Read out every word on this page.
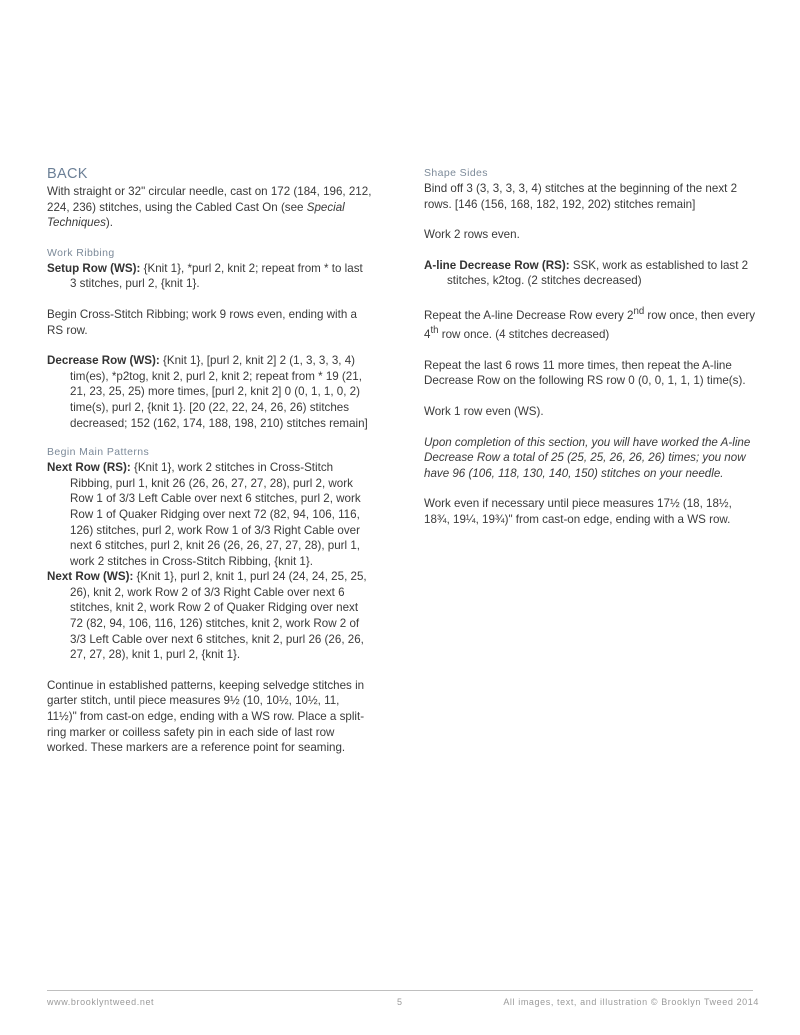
BACK

With straight or 32" circular needle, cast on 172 (184, 196, 212, 224, 236) stitches, using the Cabled Cast On (see Special Techniques).

Work Ribbing

Setup Row (WS): {Knit 1}, *purl 2, knit 2; repeat from * to last 3 stitches, purl 2, {knit 1}.

Begin Cross-Stitch Ribbing; work 9 rows even, ending with a RS row.

Decrease Row (WS): {Knit 1}, [purl 2, knit 2] 2 (1, 3, 3, 3, 4) tim(es), *p2tog, knit 2, purl 2, knit 2; repeat from * 19 (21, 21, 23, 25, 25) more times, [purl 2, knit 2] 0 (0, 1, 1, 0, 2) time(s), purl 2, {knit 1}. [20 (22, 22, 24, 26, 26) stitches decreased; 152 (162, 174, 188, 198, 210) stitches remain]

Begin Main Patterns

Next Row (RS): {Knit 1}, work 2 stitches in Cross-Stitch Ribbing, purl 1, knit 26 (26, 26, 27, 27, 28), purl 2, work Row 1 of 3/3 Left Cable over next 6 stitches, purl 2, work Row 1 of Quaker Ridging over next 72 (82, 94, 106, 116, 126) stitches, purl 2, work Row 1 of 3/3 Right Cable over next 6 stitches, purl 2, knit 26 (26, 26, 27, 27, 28), purl 1, work 2 stitches in Cross-Stitch Ribbing, {knit 1}.

Next Row (WS): {Knit 1}, purl 2, knit 1, purl 24 (24, 24, 25, 25, 26), knit 2, work Row 2 of 3/3 Right Cable over next 6 stitches, knit 2, work Row 2 of Quaker Ridging over next 72 (82, 94, 106, 116, 126) stitches, knit 2, work Row 2 of 3/3 Left Cable over next 6 stitches, knit 2, purl 26 (26, 26, 27, 27, 28), knit 1, purl 2, {knit 1}.

Continue in established patterns, keeping selvedge stitches in garter stitch, until piece measures 9½ (10, 10½, 10½, 11, 11½)" from cast-on edge, ending with a WS row. Place a split-ring marker or coilless safety pin in each side of last row worked. These markers are a reference point for seaming.

Shape Sides

Bind off 3 (3, 3, 3, 3, 4) stitches at the beginning of the next 2 rows. [146 (156, 168, 182, 192, 202) stitches remain]

Work 2 rows even.

A-line Decrease Row (RS): SSK, work as established to last 2 stitches, k2tog. (2 stitches decreased)

Repeat the A-line Decrease Row every 2nd row once, then every 4th row once. (4 stitches decreased)

Repeat the last 6 rows 11 more times, then repeat the A-line Decrease Row on the following RS row 0 (0, 0, 1, 1, 1) time(s).

Work 1 row even (WS).

Upon completion of this section, you will have worked the A-line Decrease Row a total of 25 (25, 25, 26, 26, 26) times; you now have 96 (106, 118, 130, 140, 150) stitches on your needle.

Work even if necessary until piece measures 17½ (18, 18½, 18¾, 19¼, 19¾)" from cast-on edge, ending with a WS row.

www.brooklyntweed.net	5	All images, text, and illustration © Brooklyn Tweed 2014
